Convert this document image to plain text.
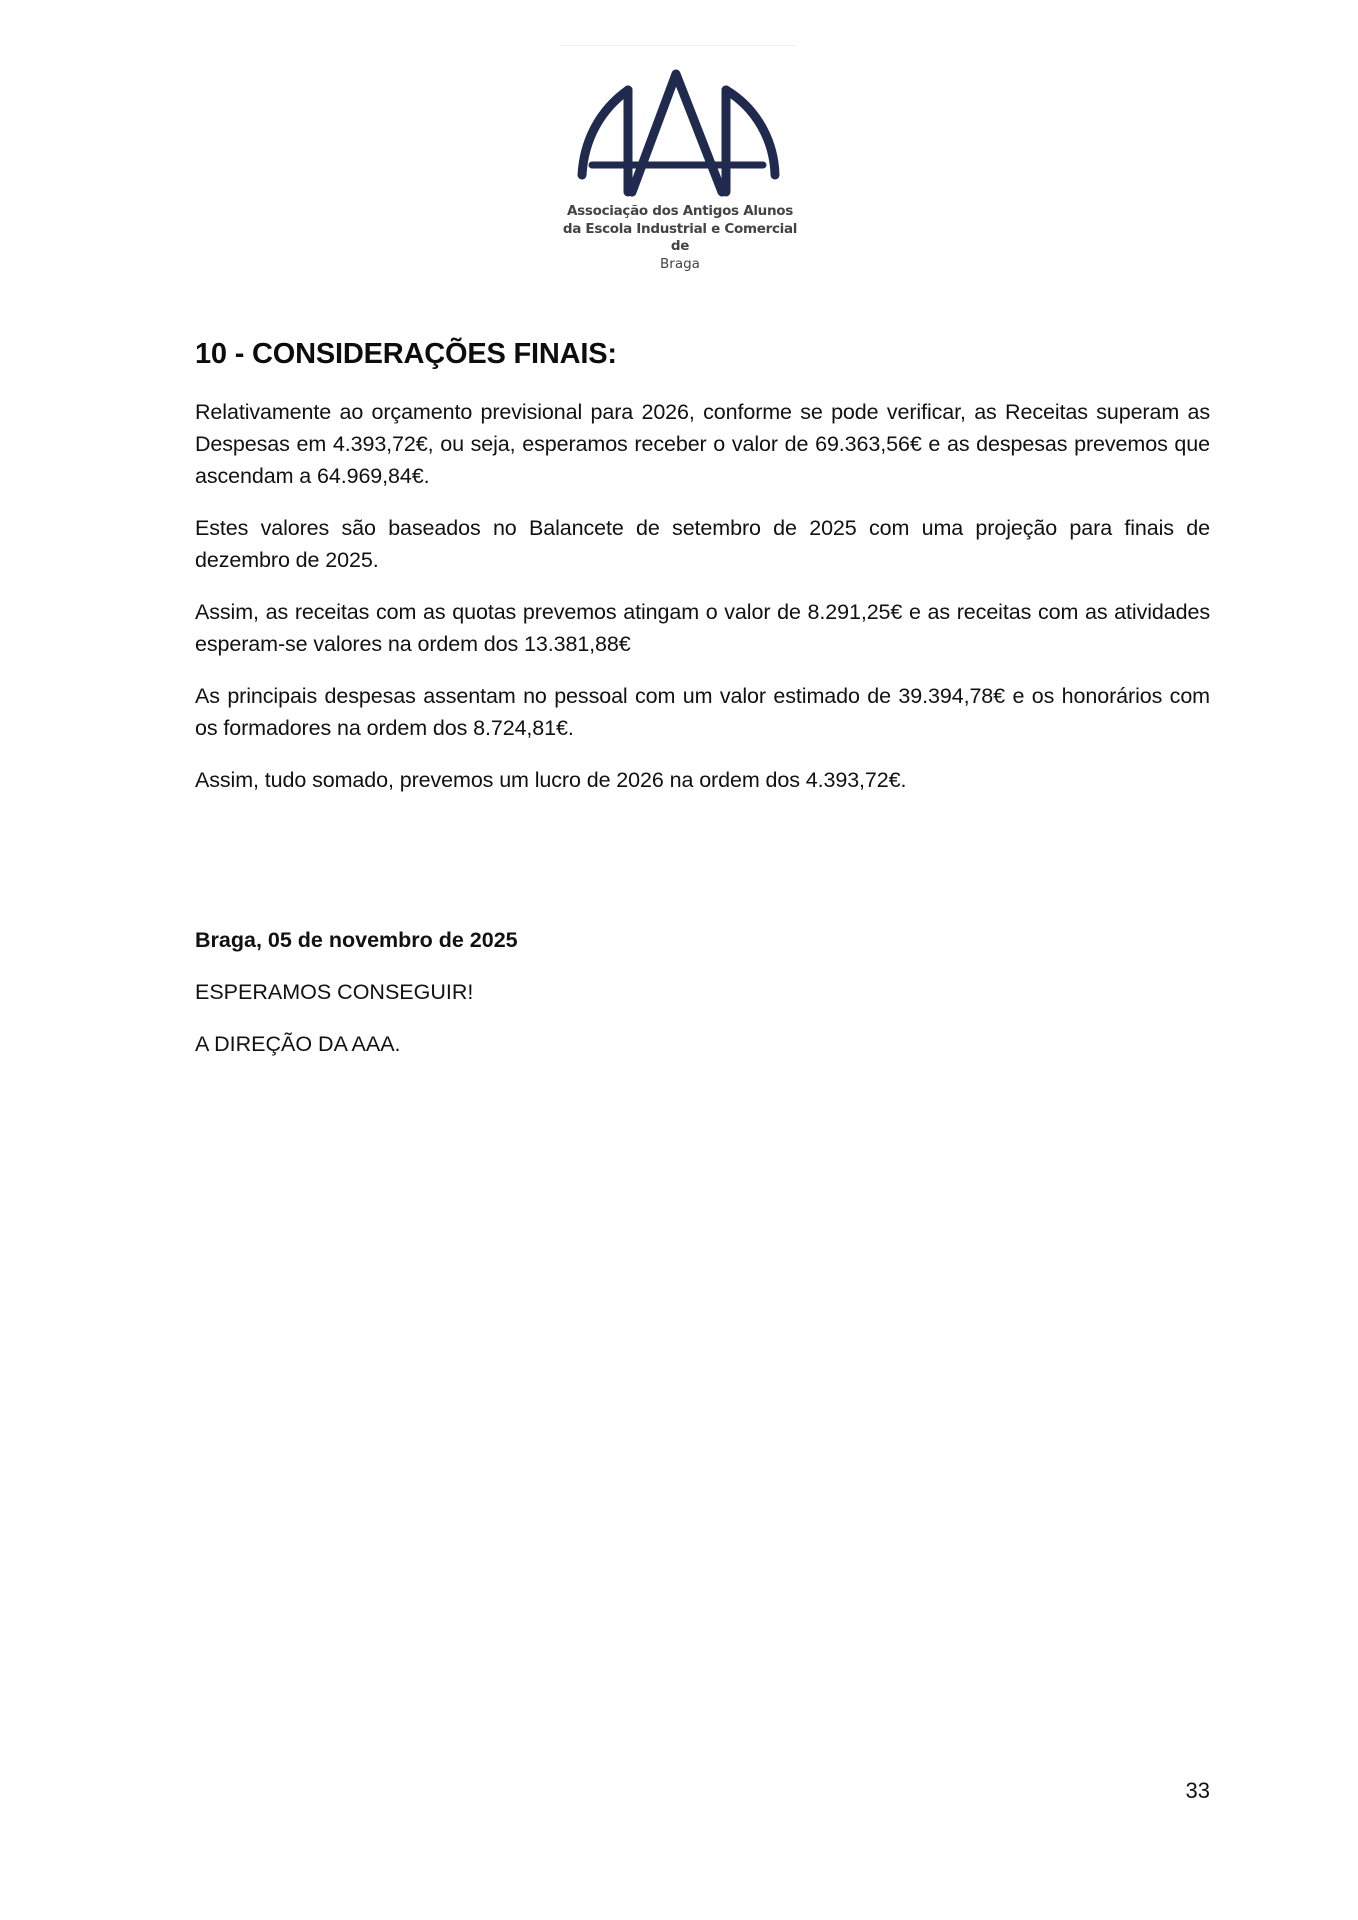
Associação dos Antigos Alunos
da Escola Industrial e Comercial
de
Braga
10 - CONSIDERAÇÕES FINAIS:

Relativamente ao orçamento previsional para 2026, conforme se pode verificar, as Receitas superam as Despesas em 4.393,72€, ou seja, esperamos receber o valor de 69.363,56€ e as despesas prevemos que ascendam a 64.969,84€.

Estes valores são baseados no Balancete de setembro de 2025 com uma projeção para finais de dezembro de 2025.

Assim, as receitas com as quotas prevemos atingam o valor de 8.291,25€ e as receitas com as atividades esperam-se valores na ordem dos 13.381,88€

As principais despesas assentam no pessoal com um valor estimado de 39.394,78€ e os honorários com os formadores na ordem dos 8.724,81€.

Assim, tudo somado, prevemos um lucro de 2026 na ordem dos 4.393,72€.

Braga, 05 de novembro de 2025

ESPERAMOS CONSEGUIR!

A DIREÇÃO DA AAA.

33
